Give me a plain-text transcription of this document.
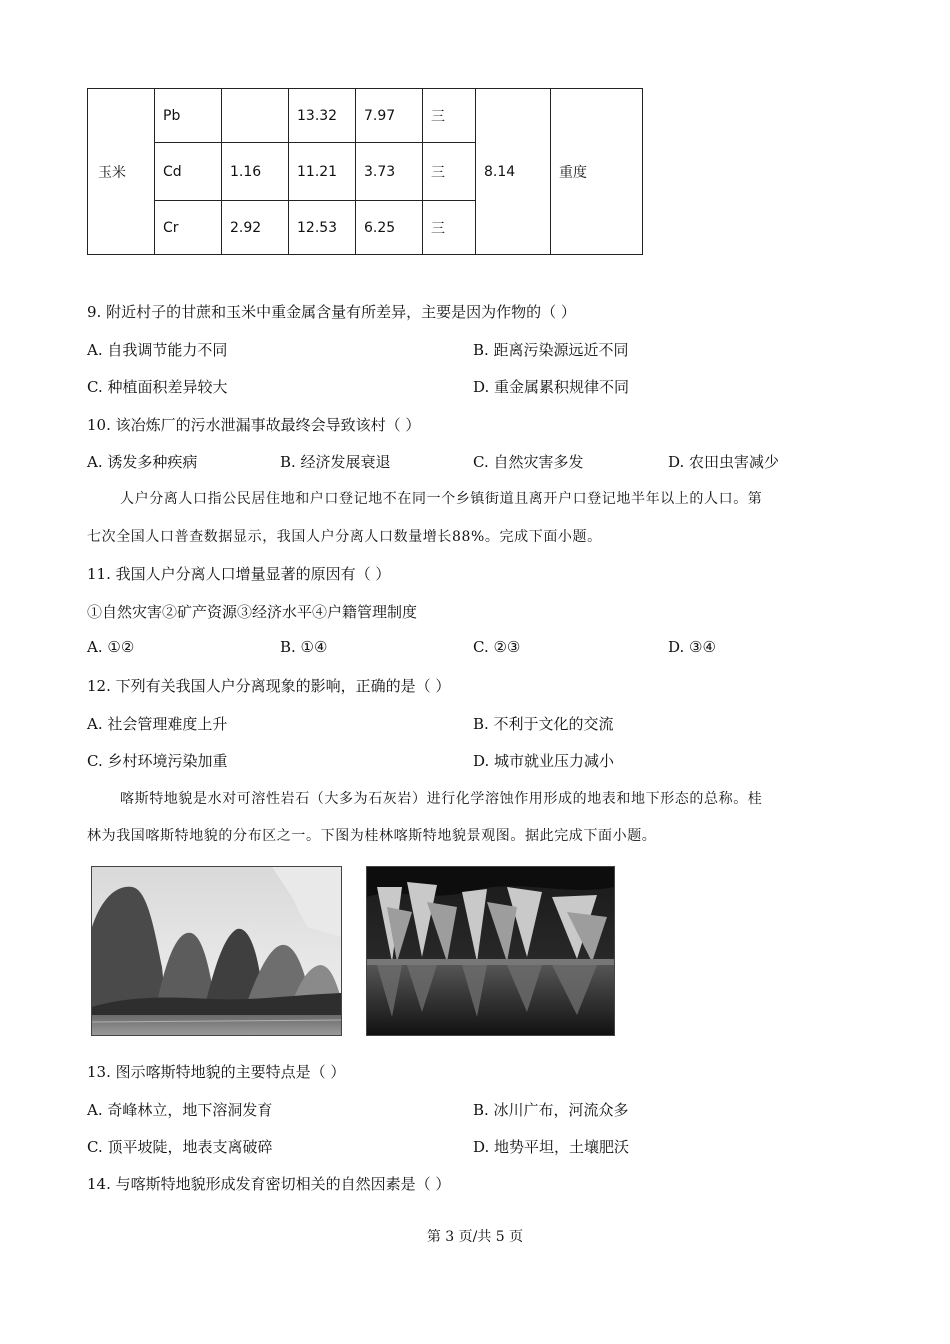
玉米	Pb		13.32	7.97	三	8.14	重度
	Cd	1.16	11.21	3.73	三		
	Cr	2.92	12.53	6.25	三		
9. 附近村子的甘蔗和玉米中重金属含量有所差异，主要是因为作物的（ ）
A. 自我调节能力不同	B. 距离污染源远近不同
C. 种植面积差异较大	D. 重金属累积规律不同
10. 该冶炼厂的污水泄漏事故最终会导致该村（ ）
A. 诱发多种疾病	B. 经济发展衰退	C. 自然灾害多发	D. 农田虫害减少
人户分离人口指公民居住地和户口登记地不在同一个乡镇街道且离开户口登记地半年以上的人口。第
七次全国人口普查数据显示，我国人户分离人口数量增长88%。完成下面小题。
11. 我国人户分离人口增量显著的原因有（ ）
①自然灾害②矿产资源③经济水平④户籍管理制度
A. ①②	B. ①④	C. ②③	D. ③④
12. 下列有关我国人户分离现象的影响，正确的是（ ）
A. 社会管理难度上升	B. 不利于文化的交流
C. 乡村环境污染加重	D. 城市就业压力减小
喀斯特地貌是水对可溶性岩石（大多为石灰岩）进行化学溶蚀作用形成的地表和地下形态的总称。桂
林为我国喀斯特地貌的分布区之一。下图为桂林喀斯特地貌景观图。据此完成下面小题。
13. 图示喀斯特地貌的主要特点是（ ）
A. 奇峰林立，地下溶洞发育	B. 冰川广布，河流众多
C. 顶平坡陡，地表支离破碎	D. 地势平坦，土壤肥沃
14. 与喀斯特地貌形成发育密切相关的自然因素是（ ）
第 3 页/共 5 页
